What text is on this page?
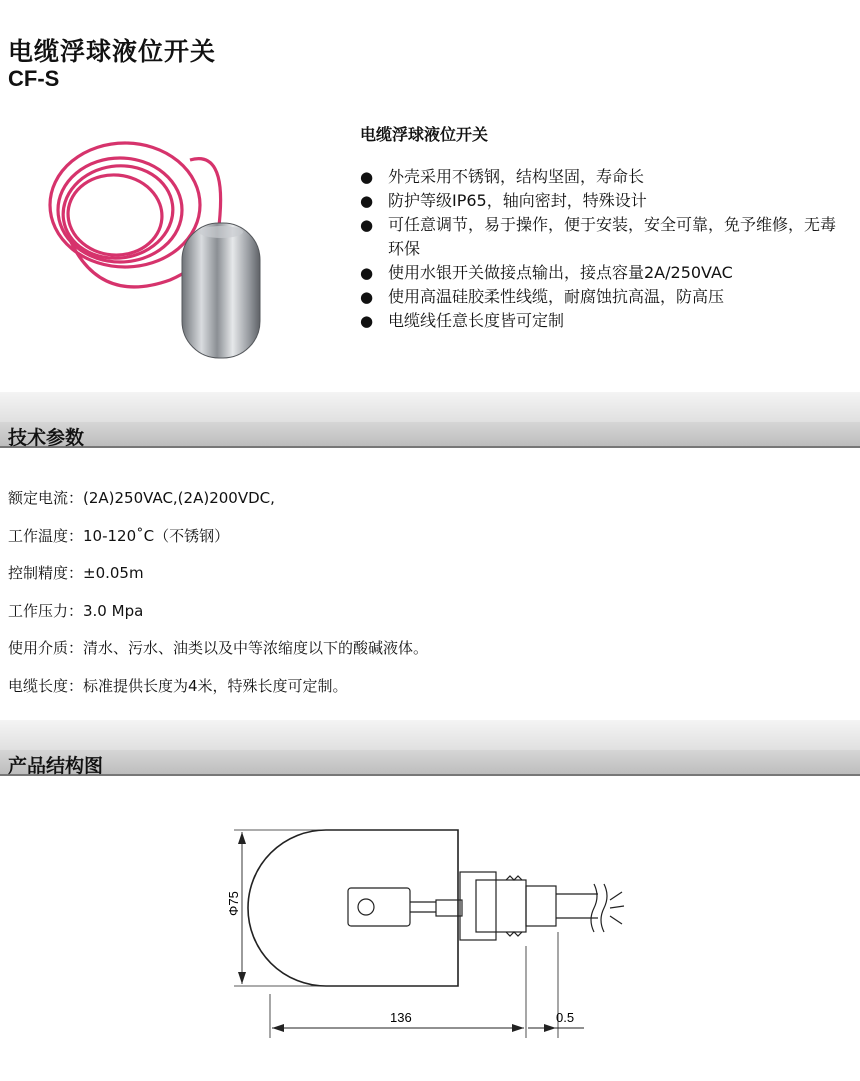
电缆浮球液位开关
CF-S
电缆浮球液位开关
● 外壳采用不锈钢，结构坚固，寿命长
● 防护等级IP65，轴向密封，特殊设计
● 可任意调节，易于操作，便于安装，安全可靠，免予维修，无毒环保
● 使用水银开关做接点输出，接点容量2A/250VAC
● 使用高温硅胶柔性线缆，耐腐蚀抗高温，防高压
● 电缆线任意长度皆可定制
技术参数
额定电流：(2A)250VAC,(2A)200VDC,
工作温度：10-120˚C（不锈钢）
控制精度：±0.05m
工作压力：3.0 Mpa
使用介质：清水、污水、油类以及中等浓缩度以下的酸碱液体。
电缆长度：标准提供长度为4米，特殊长度可定制。
产品结构图
Φ75
136	0.5
